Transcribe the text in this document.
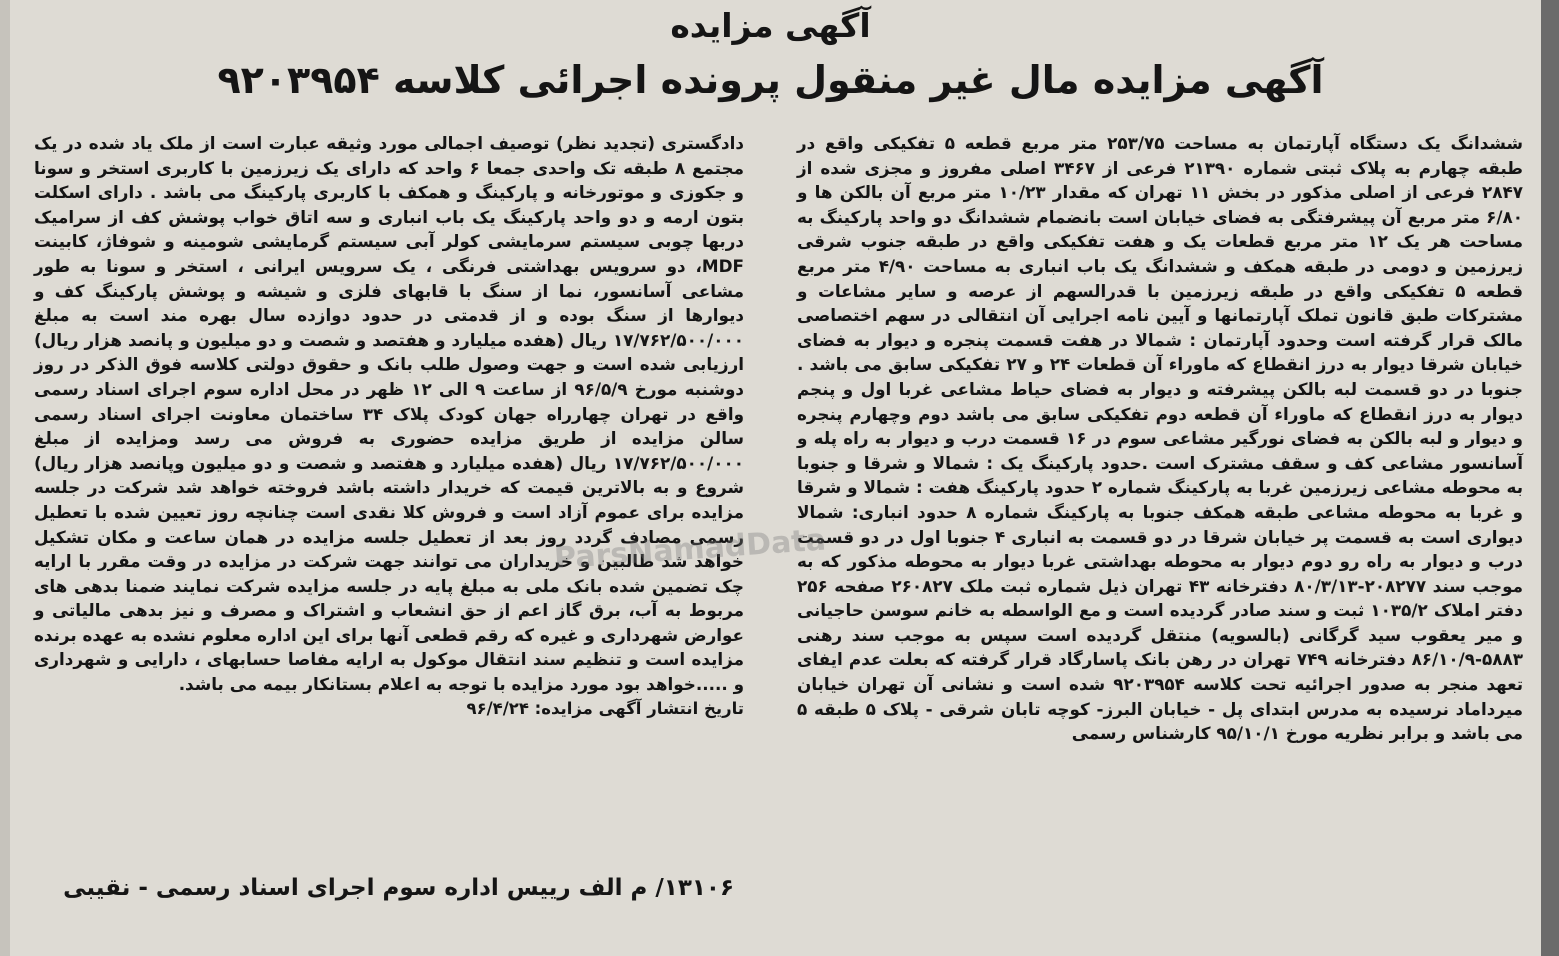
آگهی مزایده
آگهی مزایده مال غیر منقول پرونده اجرائی کلاسه ۹۲۰۳۹۵۴
ششدانگ یک دستگاه آپارتمان به مساحت ۲۵۳/۷۵ متر مربع قطعه ۵ تفکیکی واقع در طبقه چهارم به پلاک ثبتی شماره ۲۱۳۹۰ فرعی از ۳۴۶۷ اصلی مفروز و مجزی شده از ۲۸۴۷ فرعی از اصلی مذکور در بخش ۱۱ تهران که مقدار ۱۰/۲۳ متر مربع آن بالکن ها و ۶/۸۰ متر مربع آن پیشرفتگی به فضای خیابان است بانضمام ششدانگ دو واحد پارکینگ به مساحت هر یک ۱۲ متر مربع قطعات یک و هفت تفکیکی واقع در طبقه جنوب شرقی زیرزمین و دومی در طبقه همکف و ششدانگ یک باب انباری به مساحت ۴/۹۰ متر مربع قطعه ۵ تفکیکی واقع در طبقه زیرزمین با قدرالسهم از عرصه و سایر مشاعات و مشترکات طبق قانون تملک آپارتمانها و آیین نامه اجرایی آن انتقالی در سهم اختصاصی مالک قرار گرفته است وحدود آپارتمان : شمالا در هفت قسمت پنجره و دیوار به فضای خیابان شرقا دیوار به درز انقطاع که ماوراء آن قطعات ۲۴ و ۲۷ تفکیکی سابق می باشد . جنوبا در دو قسمت لبه بالکن پیشرفته و دیوار به فضای حیاط مشاعی غربا اول و پنجم دیوار به درز انقطاع که ماوراء آن قطعه دوم تفکیکی سابق می باشد دوم وچهارم پنجره و دیوار و لبه بالکن به فضای نورگیر مشاعی سوم در ۱۶ قسمت درب و دیوار به راه پله و آسانسور مشاعی کف و سقف مشترک است .حدود پارکینگ یک : شمالا و شرقا و جنوبا به محوطه مشاعی زیرزمین غربا به پارکینگ شماره ۲ حدود پارکینگ هفت : شمالا و شرقا و غربا به محوطه مشاعی طبقه همکف جنوبا به پارکینگ شماره ۸ حدود انباری: شمالا دیواری است به قسمت پر خیابان شرقا در دو قسمت به انباری ۴ جنوبا اول در دو قسمت درب و دیوار به راه رو دوم دیوار به محوطه بهداشتی غربا دیوار به محوطه مذکور که به موجب سند ۲۰۸۲۷۷-۸۰/۳/۱۳ دفترخانه ۴۳ تهران ذیل شماره ثبت ملک ۲۶۰۸۲۷ صفحه ۲۵۶ دفتر املاک ۱۰۳۵/۲ ثبت و سند صادر گردیده است و مع الواسطه به خانم سوسن حاجیانی و میر یعقوب سید گرگانی (بالسویه) منتقل گردیده است سپس به موجب سند رهنی ۵۸۸۳-۸۶/۱۰/۹ دفترخانه ۷۴۹ تهران در رهن بانک پاسارگاد قرار گرفته که بعلت عدم ایفای تعهد منجر به صدور اجرائیه تحت کلاسه ۹۲۰۳۹۵۴ شده است و نشانی آن تهران خیابان میرداماد نرسیده به مدرس ابتدای پل - خیابان البرز- کوچه تابان شرقی - پلاک ۵ طبقه ۵ می باشد و برابر نظریه مورخ ۹۵/۱۰/۱ کارشناس رسمی
دادگستری (تجدید نظر) توصیف اجمالی مورد وثیقه عبارت است از ملک یاد شده در یک مجتمع ۸ طبقه تک واحدی جمعا ۶ واحد که دارای یک زیرزمین با کاربری استخر و سونا و جکوزی و موتورخانه و پارکینگ و همکف با کاربری پارکینگ می باشد . دارای اسکلت بتون ارمه و دو واحد پارکینگ یک باب انباری و سه اتاق خواب پوشش کف از سرامیک دربها چوبی سیستم سرمایشی کولر آبی سیستم گرمایشی شومینه و شوفاژ، کابینت MDF، دو سرویس بهداشتی فرنگی ، یک سرویس ایرانی ، استخر و سونا به طور مشاعی آسانسور، نما از سنگ با قابهای فلزی و شیشه و پوشش پارکینگ کف و دیوارها از سنگ بوده و از قدمتی در حدود دوازده سال بهره مند است به مبلغ ۱۷/۷۶۲/۵۰۰/۰۰۰ ریال (هفده میلیارد و هفتصد و شصت و دو میلیون و پانصد هزار ریال) ارزیابی شده است و جهت وصول طلب بانک و حقوق دولتی کلاسه فوق الذکر در روز دوشنبه مورخ ۹۶/۵/۹ از ساعت ۹ الی ۱۲ ظهر در محل اداره سوم اجرای اسناد رسمی واقع در تهران چهارراه جهان کودک پلاک ۳۴ ساختمان معاونت اجرای اسناد رسمی سالن مزایده از طریق مزایده حضوری به فروش می رسد ومزایده از مبلغ ۱۷/۷۶۲/۵۰۰/۰۰۰ ریال (هفده میلیارد و هفتصد و شصت و دو میلیون وپانصد هزار ریال) شروع و به بالاترین قیمت که خریدار داشته باشد فروخته خواهد شد شرکت در جلسه مزایده برای عموم آزاد است و فروش کلا نقدی است چنانچه روز تعیین شده با تعطیل رسمی مصادف گردد روز بعد از تعطیل جلسه مزایده در همان ساعت و مکان تشکیل خواهد شد طالبین و خریداران می توانند جهت شرکت در مزایده در وقت مقرر با ارایه چک تضمین شده بانک ملی به مبلغ پایه در جلسه مزایده شرکت نمایند ضمنا بدهی های مربوط به آب، برق گاز اعم از حق انشعاب و اشتراک و مصرف و نیز بدهی مالیاتی و عوارض شهرداری و غیره که رقم قطعی آنها برای این اداره معلوم نشده به عهده برنده مزایده است و تنظیم سند انتقال موکول به ارایه مفاصا حسابهای ، دارایی و شهرداری و .....خواهد بود مورد مزایده با توجه به اعلام بستانکار بیمه می باشد.
تاریخ انتشار آگهی مزایده: ۹۶/۴/۲۴
۱۳۱۰۶/ م الف رییس اداره سوم اجرای اسناد رسمی - نقیبی
ParsNamadData
